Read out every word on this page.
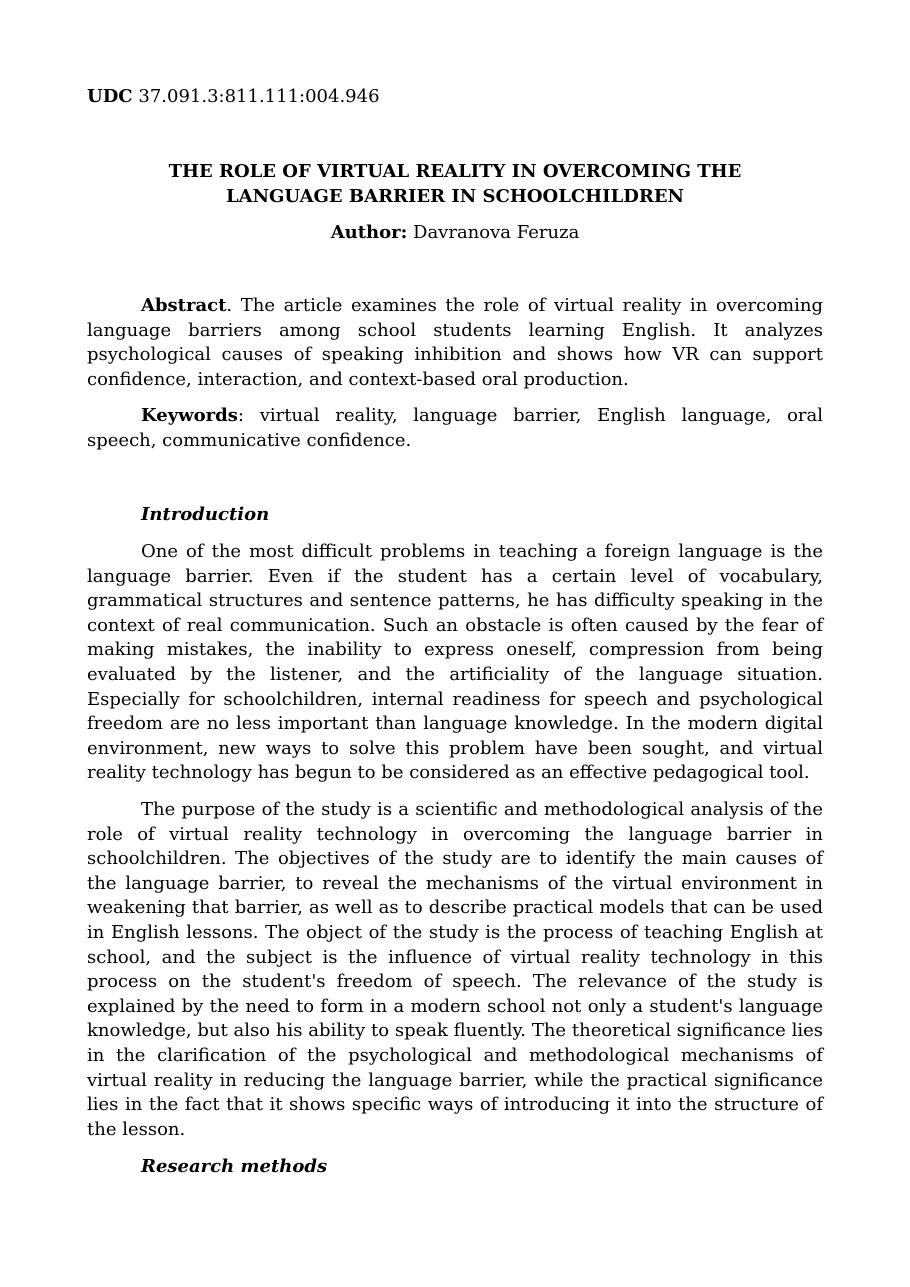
UDC 37.091.3:811.111:004.946
THE ROLE OF VIRTUAL REALITY IN OVERCOMING THE
LANGUAGE BARRIER IN SCHOOLCHILDREN
Author: Davranova Feruza

Abstract. The article examines the role of virtual reality in overcoming language barriers among school students learning English. It analyzes psychological causes of speaking inhibition and shows how VR can support confidence, interaction, and context-based oral production.

Keywords: virtual reality, language barrier, English language, oral speech, communicative confidence.

Introduction

One of the most difficult problems in teaching a foreign language is the language barrier. Even if the student has a certain level of vocabulary, grammatical structures and sentence patterns, he has difficulty speaking in the context of real communication. Such an obstacle is often caused by the fear of making mistakes, the inability to express oneself, compression from being evaluated by the listener, and the artificiality of the language situation. Especially for schoolchildren, internal readiness for speech and psychological freedom are no less important than language knowledge. In the modern digital environment, new ways to solve this problem have been sought, and virtual reality technology has begun to be considered as an effective pedagogical tool.

The purpose of the study is a scientific and methodological analysis of the role of virtual reality technology in overcoming the language barrier in schoolchildren. The objectives of the study are to identify the main causes of the language barrier, to reveal the mechanisms of the virtual environment in weakening that barrier, as well as to describe practical models that can be used in English lessons. The object of the study is the process of teaching English at school, and the subject is the influence of virtual reality technology in this process on the student's freedom of speech. The relevance of the study is explained by the need to form in a modern school not only a student's language knowledge, but also his ability to speak fluently. The theoretical significance lies in the clarification of the psychological and methodological mechanisms of virtual reality in reducing the language barrier, while the practical significance lies in the fact that it shows specific ways of introducing it into the structure of the lesson.

Research methods
